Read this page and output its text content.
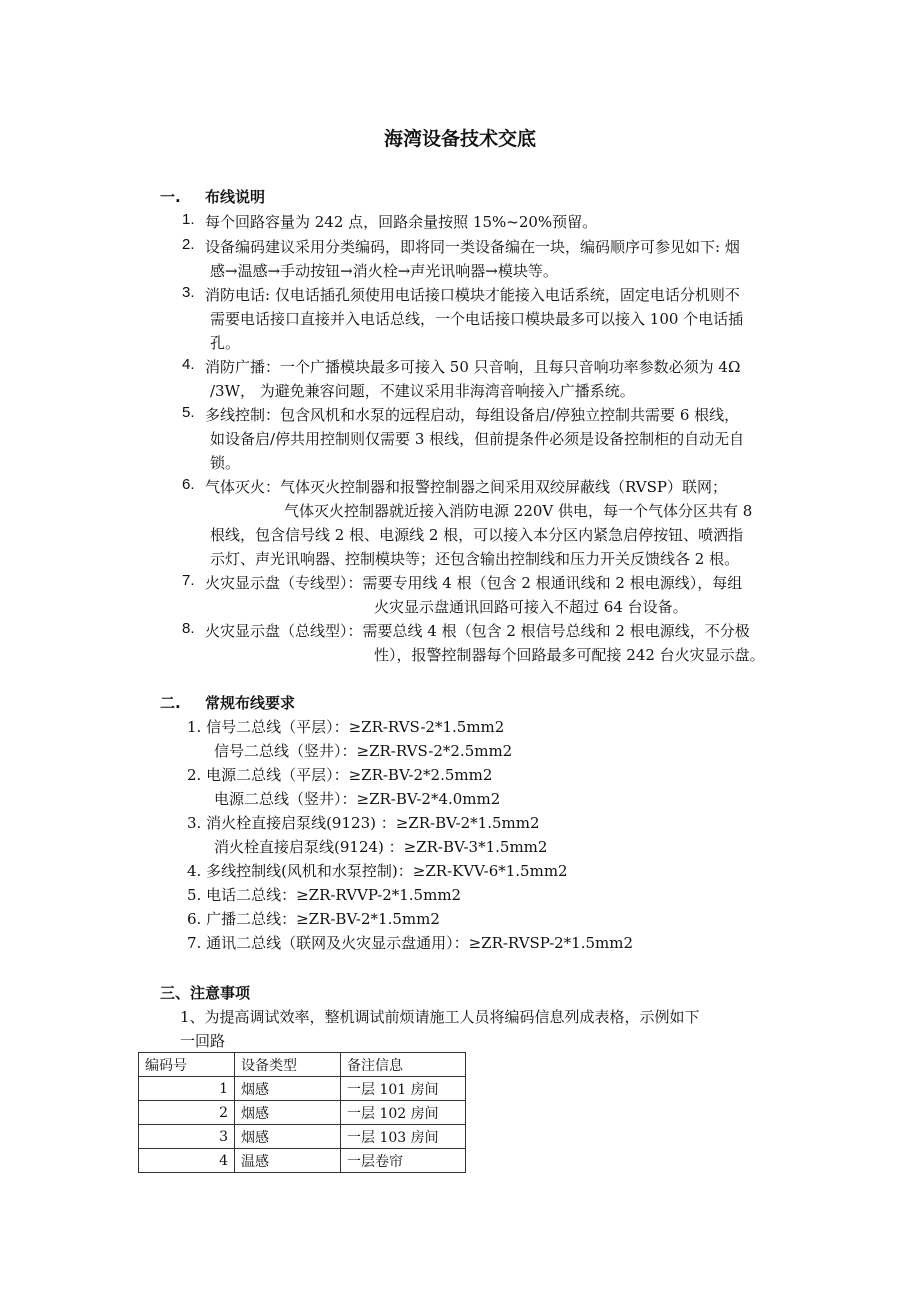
海湾设备技术交底
一. 布线说明
1. 每个回路容量为 242 点，回路余量按照 15%~20%预留。
2. 设备编码建议采用分类编码，即将同一类设备编在一块，编码顺序可参见如下: 烟
感→温感→手动按钮→消火栓→声光讯响器→模块等。
3. 消防电话: 仅电话插孔须使用电话接口模块才能接入电话系统，固定电话分机则不
需要电话接口直接并入电话总线，一个电话接口模块最多可以接入 100 个电话插
孔。
4. 消防广播：一个广播模块最多可接入 50 只音响，且每只音响功率参数必须为 4Ω
/3W， 为避免兼容问题，不建议采用非海湾音响接入广播系统。
5. 多线控制：包含风机和水泵的远程启动，每组设备启/停独立控制共需要 6 根线，
如设备启/停共用控制则仅需要 3 根线，但前提条件必须是设备控制柜的自动无自
锁。
6. 气体灭火：气体灭火控制器和报警控制器之间采用双绞屏蔽线（RVSP）联网；
气体灭火控制器就近接入消防电源 220V 供电，每一个气体分区共有 8
根线，包含信号线 2 根、电源线 2 根，可以接入本分区内紧急启停按钮、喷洒指
示灯、声光讯响器、控制模块等；还包含输出控制线和压力开关反馈线各 2 根。
7. 火灾显示盘（专线型）：需要专用线 4 根（包含 2 根通讯线和 2 根电源线），每组
火灾显示盘通讯回路可接入不超过 64 台设备。
8. 火灾显示盘（总线型）：需要总线 4 根（包含 2 根信号总线和 2 根电源线，不分极
性），报警控制器每个回路最多可配接 242 台火灾显示盘。
二. 常规布线要求
1. 信号二总线（平层）：≥ZR-RVS-2*1.5mm2
信号二总线（竖井）：≥ZR-RVS-2*2.5mm2
2. 电源二总线（平层）：≥ZR-BV-2*2.5mm2
电源二总线（竖井）：≥ZR-BV-2*4.0mm2
3. 消火栓直接启泵线(9123) ：≥ZR-BV-2*1.5mm2
消火栓直接启泵线(9124) ：≥ZR-BV-3*1.5mm2
4. 多线控制线(风机和水泵控制)：≥ZR-KVV-6*1.5mm2
5. 电话二总线：≥ZR-RVVP-2*1.5mm2
6. 广播二总线：≥ZR-BV-2*1.5mm2
7. 通讯二总线（联网及火灾显示盘通用）：≥ZR-RVSP-2*1.5mm2
三、注意事项
1、为提高调试效率，整机调试前烦请施工人员将编码信息列成表格，示例如下
一回路
编码号	设备类型	备注信息
1	烟感	一层 101 房间
2	烟感	一层 102 房间
3	烟感	一层 103 房间
4	温感	一层卷帘
